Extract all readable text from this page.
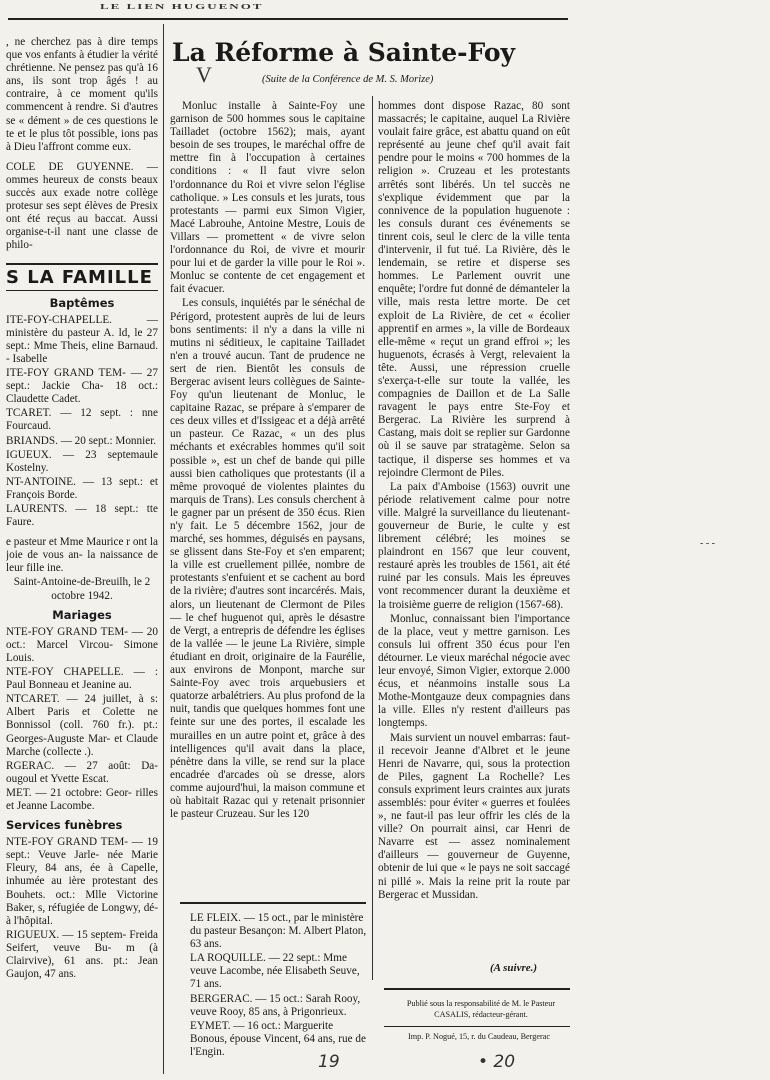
LE LIEN HUGUENOT

, ne cherchez pas à dire temps que vos enfants à étudier la vérité chrétienne. Ne pensez pas qu'à 16 ans, ils sont trop âgés ! au contraire, à ce moment qu'ils commencent à rendre. Si d'autres se « dément » de ces questions le te et le plus tôt possible, ions pas à Dieu l'affront comme eux.

COLE DE GUYENNE. — ommes heureux de consts beaux succès aux exade notre collège protesur ses sept élèves de Presix ont été reçus au baccat. Aussi organise-t-il nant une classe de philo-

S LA FAMILLE
Baptêmes

ITE-FOY-CHAPELLE. — ministère du pasteur A. ld, le 27 sept.: Mme Theis, eline Barnaud. - Isabelle

ITE-FOY GRAND TEM- — 27 sept.: Jackie Cha- 18 oct.: Claudette Cadet.

TCARET. — 12 sept. : nne Fourcaud.

BRIANDS. — 20 sept.: Monnier.

IGUEUX. — 23 septemaule Kostelny.

NT-ANTOINE. — 13 sept.: et François Borde.

LAURENTS. — 18 sept.: tte Faure.

e pasteur et Mme Maurice r ont la joie de vous an- la naissance de leur fille ine.

Saint-Antoine-de-Breuilh, le 2 octobre 1942.

Mariages

NTE-FOY GRAND TEM- — 20 oct.: Marcel Vircou- Simone Louis.

NTE-FOY CHAPELLE. — : Paul Bonneau et Jeanine au.

NTCARET. — 24 juillet, à s: Albert Paris et Colette ne Bonnissol (coll. 760 fr.). pt.: Georges-Auguste Mar- et Claude Marche (collecte .).

RGERAC. — 27 août: Da- ougoul et Yvette Escat.

MET. — 21 octobre: Geor- rilles et Jeanne Lacombe.

Services funèbres

NTE-FOY GRAND TEM- — 19 sept.: Veuve Jarle- née Marie Fleury, 84 ans, ée à Capelle, inhumée au ière protestant des Bouhets. oct.: Mlle Victorine Baker, s, réfugiée de Longwy, dé- à l'hôpital.

RIGUEUX. — 15 septem- Freida Seifert, veuve Bu- m (à Clairvive), 61 ans. pt.: Jean Gaujon, 47 ans.

La Réforme à Sainte-Foy
(Suite de la Conférence de M. S. Morize)
V

Monluc installe à Sainte-Foy une garnison de 500 hommes sous le capitaine Tailladet (octobre 1562); mais, ayant besoin de ses troupes, le maréchal offre de mettre fin à l'occupation à certaines conditions : « Il faut vivre selon l'ordonnance du Roi et vivre selon l'église catholique. » Les consuls et les jurats, tous protestants — parmi eux Simon Vigier, Macé Labrouhe, Antoine Mestre, Louis de Villars — promettent « de vivre selon l'ordonnance du Roi, de vivre et mourir pour lui et de garder la ville pour le Roi ». Monluc se contente de cet engagement et fait évacuer.

Les consuls, inquiétés par le sénéchal de Périgord, protestent auprès de lui de leurs bons sentiments: il n'y a dans la ville ni mutins ni séditieux, le capitaine Tailladet n'en a trouvé aucun. Tant de prudence ne sert de rien. Bientôt les consuls de Bergerac avisent leurs collègues de Sainte-Foy qu'un lieutenant de Monluc, le capitaine Razac, se prépare à s'emparer de ces deux villes et d'Issigeac et a déjà arrêté un pasteur. Ce Razac, « un des plus méchants et exécrables hommes qu'il soit possible », est un chef de bande qui pille aussi bien catholiques que protestants (il a même provoqué de violentes plaintes du marquis de Trans). Les consuls cherchent à le gagner par un présent de 350 écus. Rien n'y fait. Le 5 décembre 1562, jour de marché, ses hommes, déguisés en paysans, se glissent dans Ste-Foy et s'en emparent; la ville est cruellement pillée, nombre de protestants s'enfuient et se cachent au bord de la rivière; d'autres sont incarcérés. Mais, alors, un lieutenant de Clermont de Piles — le chef huguenot qui, après le désastre de Vergt, a entrepris de défendre les églises de la vallée — le jeune La Rivière, simple étudiant en droit, originaire de la Faurélie, aux environs de Monpont, marche sur Sainte-Foy avec trois arquebusiers et quatorze arbalétriers. Au plus profond de la nuit, tandis que quelques hommes font une feinte sur une des portes, il escalade les murailles en un autre point et, grâce à des intelligences qu'il avait dans la place, pénètre dans la ville, se rend sur la place encadrée d'arcades où se dresse, alors comme aujourd'hui, la maison commune et où habitait Razac qui y retenait prisonnier le pasteur Cruzeau. Sur les 120

hommes dont dispose Razac, 80 sont massacrés; le capitaine, auquel La Rivière voulait faire grâce, est abattu quand on eût représenté au jeune chef qu'il avait fait pendre pour le moins « 700 hommes de la religion ». Cruzeau et les protestants arrêtés sont libérés. Un tel succès ne s'explique évidemment que par la connivence de la population huguenote : les consuls durant ces événements se tinrent cois, seul le clerc de la ville tenta d'intervenir, il fut tué. La Rivière, dès le lendemain, se retire et disperse ses hommes. Le Parlement ouvrit une enquête; l'ordre fut donné de démanteler la ville, mais resta lettre morte. De cet exploit de La Rivière, de cet « écolier apprentif en armes », la ville de Bordeaux elle-même « reçut un grand effroi »; les huguenots, écrasés à Vergt, relevaient la tête. Aussi, une répression cruelle s'exerça-t-elle sur toute la vallée, les compagnies de Daillon et de La Salle ravagent le pays entre Ste-Foy et Bergerac. La Rivière les surprend à Castang, mais doit se replier sur Gardonne où il se sauve par stratagème. Selon sa tactique, il disperse ses hommes et va rejoindre Clermont de Piles.

La paix d'Amboise (1563) ouvrit une période relativement calme pour notre ville. Malgré la surveillance du lieutenant-gouverneur de Burie, le culte y est librement célébré; les moines se plaindront en 1567 que leur couvent, restauré après les troubles de 1561, ait été ruiné par les consuls. Mais les épreuves vont recommencer durant la deuxième et la troisième guerre de religion (1567-68).

Monluc, connaissant bien l'importance de la place, veut y mettre garnison. Les consuls lui offrent 350 écus pour l'en détourner. Le vieux maréchal négocie avec leur envoyé, Simon Vigier, extorque 2.000 écus, et néanmoins installe sous La Mothe-Montgauze deux compagnies dans la ville. Elles n'y restent d'ailleurs pas longtemps.

Mais survient un nouvel embarras: faut-il recevoir Jeanne d'Albret et le jeune Henri de Navarre, qui, sous la protection de Piles, gagnent La Rochelle? Les consuls expriment leurs craintes aux jurats assemblés: pour éviter « guerres et foulées », ne faut-il pas leur offrir les clés de la ville? On pourrait ainsi, car Henri de Navarre est — assez nominalement d'ailleurs — gouverneur de Guyenne, obtenir de lui que « le pays ne soit saccagé ni pillé ». Mais la reine prit la route par Bergerac et Mussidan.

(A suivre.)

LE FLEIX. — 15 oct., par le ministère du pasteur Besançon: M. Albert Platon, 63 ans.

LA ROQUILLE. — 22 sept.: Mme veuve Lacombe, née Elisabeth Seuve, 71 ans.

BERGERAC. — 15 oct.: Sarah Rooy, veuve Rooy, 85 ans, à Prigonrieux.

EYMET. — 16 oct.: Marguerite Bonous, épouse Vincent, 64 ans, rue de l'Engin.

Publié sous la responsabilité de M. le Pasteur CASALIS, rédacteur-gérant.
Imp. P. Nogué, 15, r. du Caudeau, Bergerac
19	• 20
- - -
